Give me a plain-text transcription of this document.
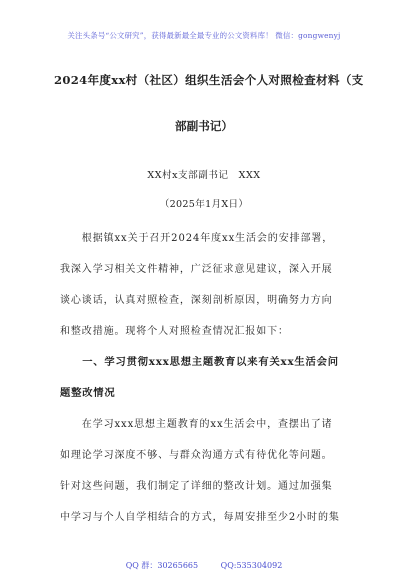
关注头条号“公文研究”，获得最新最全最专业的公文资料库！ 微信：gongwenyj
2024年度xx村（社区）组织生活会个人对照检查材料（支
部副书记）
XX村x支部副书记　XXX
（2025年1月X日）
　　根据镇xx关于召开2024年度xx生活会的安排部署，
我深入学习相关文件精神，广泛征求意见建议，深入开展
谈心谈话，认真对照检查，深刻剖析原因，明确努力方向
和整改措施。现将个人对照检查情况汇报如下：
　　一、学习贯彻xxx思想主题教育以来有关xx生活会问
题整改情况
　　在学习xxx思想主题教育的xx生活会中，查摆出了诸
如理论学习深度不够、与群众沟通方式有待优化等问题。
针对这些问题，我们制定了详细的整改计划。通过加强集
中学习与个人自学相结合的方式，每周安排至少2小时的集
QQ 群：30265665	QQ:535304092
